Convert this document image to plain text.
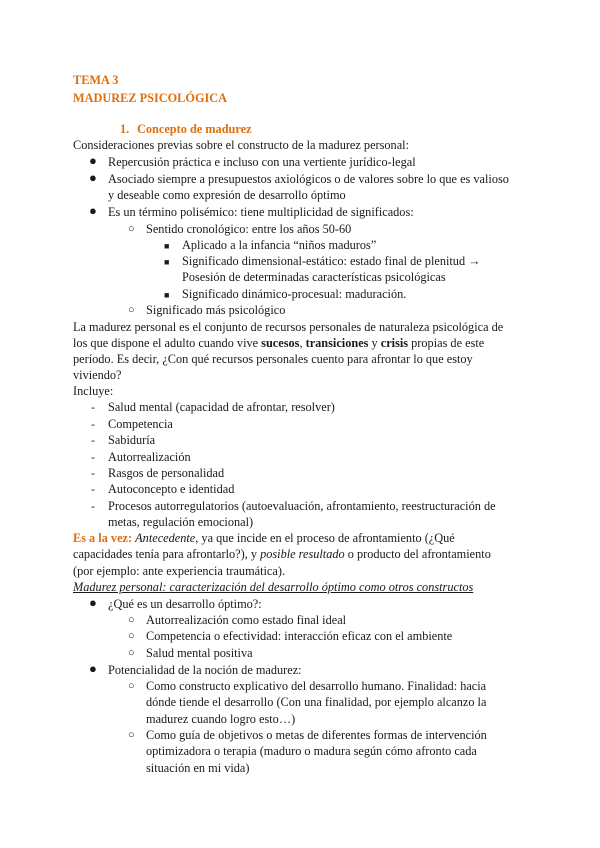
TEMA 3
MADUREZ PSICOLÓGICA
1. Concepto de madurez
Consideraciones previas sobre el constructo de la madurez personal:
● Repercusión práctica e incluso con una vertiente jurídico-legal
● Asociado siempre a presupuestos axiológicos o de valores sobre lo que es valioso
y deseable como expresión de desarrollo óptimo
● Es un término polisémico: tiene multiplicidad de significados:
○ Sentido cronológico: entre los años 50-60
■ Aplicado a la infancia “niños maduros”
■ Significado dimensional-estático: estado final de plenitud →
Posesión de determinadas características psicológicas
■ Significado dinámico-procesual: maduración.
○ Significado más psicológico
La madurez personal es el conjunto de recursos personales de naturaleza psicológica de
los que dispone el adulto cuando vive sucesos, transiciones y crisis propias de este
período. Es decir, ¿Con qué recursos personales cuento para afrontar lo que estoy
viviendo?
Incluye:
- Salud mental (capacidad de afrontar, resolver)
- Competencia
- Sabiduría
- Autorrealización
- Rasgos de personalidad
- Autoconcepto e identidad
- Procesos autorregulatorios (autoevaluación, afrontamiento, reestructuración de
metas, regulación emocional)
Es a la vez: Antecedente, ya que incide en el proceso de afrontamiento (¿Qué
capacidades tenía para afrontarlo?), y posible resultado o producto del afrontamiento
(por ejemplo: ante experiencia traumática).
Madurez personal: caracterización del desarrollo óptimo como otros constructos
● ¿Qué es un desarrollo óptimo?:
○ Autorrealización como estado final ideal
○ Competencia o efectividad: interacción eficaz con el ambiente
○ Salud mental positiva
● Potencialidad de la noción de madurez:
○ Como constructo explicativo del desarrollo humano. Finalidad: hacia
dónde tiende el desarrollo (Con una finalidad, por ejemplo alcanzo la
madurez cuando logro esto…)
○ Como guía de objetivos o metas de diferentes formas de intervención
optimizadora o terapia (maduro o madura según cómo afronto cada
situación en mi vida)
